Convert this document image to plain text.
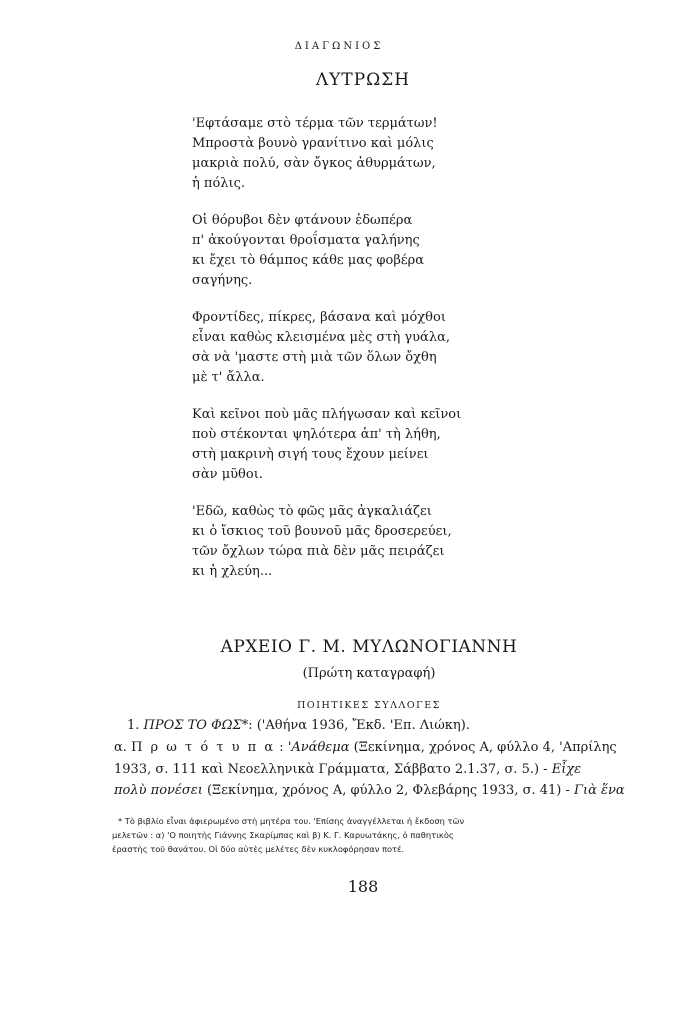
ΔΙΑΓΩΝΙΟΣ
ΛΥΤΡΩΣΗ
'Εφτάσαμε στὸ τέρμα τῶν τερμάτων!
Μπροστὰ βουνὸ γρανίτινο καὶ μόλις
μακριὰ πολύ, σὰν ὄγκος ἀθυρμάτων,
ἡ πόλις.
Οἱ θόρυβοι δὲν φτάνουν ἐδωπέρα
π' ἀκούγονται θροΐσματα γαλήνης
κι ἔχει τὸ θάμπος κάθε μας φοβέρα
σαγήνης.
Φροντίδες, πίκρες, βάσανα καὶ μόχθοι
εἶναι καθὼς κλεισμένα μὲς στὴ γυάλα,
σὰ νὰ 'μαστε στὴ μιὰ τῶν ὅλων ὄχθη
μὲ τ' ἄλλα.
Καὶ κεῖνοι ποὺ μᾶς πλήγωσαν καὶ κεῖνοι
ποὺ στέκονται ψηλότερα ἀπ' τὴ λήθη,
στὴ μακρινὴ σιγή τους ἔχουν μείνει
σὰν μῦθοι.
'Εδῶ, καθὼς τὸ φῶς μᾶς ἀγκαλιάζει
κι ὁ ἴσκιος τοῦ βουνοῦ μᾶς δροσερεύει,
τῶν ὄχλων τώρα πιὰ δὲν μᾶς πειράζει
κι ἡ χλεύη...
ΑΡΧΕΙΟ Γ. Μ. ΜΥΛΩΝΟΓΙΑΝΝΗ
(Πρώτη καταγραφή)
ΠΟΙΗΤΙΚΕΣ ΣΥΛΛΟΓΕΣ
1. ΠΡΟΣ ΤΟ ΦΩΣ*: ('Αθήνα 1936, Ἔκδ. 'Επ. Λιώκη).
α. Π ρ ω τ ό τ υ π α : 'Ανάθεμα (Ξεκίνημα, χρόνος Α, φύλλο 4, 'Απρίλης
1933, σ. 111 καὶ Νεοελληνικὰ Γράμματα, Σάββατο 2.1.37, σ. 5.) - Εἶχε
πολὺ πονέσει (Ξεκίνημα, χρόνος Α, φύλλο 2, Φλεβάρης 1933, σ. 41) - Γιὰ ἕνα
* Τὸ βιβλίο εἶναι ἀφιερωμένο στὴ μητέρα του. 'Επίσης ἀναγγέλλεται ἡ ἔκδοση τῶν
μελετῶν : α) 'Ο ποιητὴς Γιάννης Σκαρίμπας καὶ β) Κ. Γ. Καρυωτάκης, ὁ παθητικὸς
ἐραστὴς τοῦ θανάτου. Οἱ δύο αὐτὲς μελέτες δὲν κυκλοφόρησαν ποτέ.
188
